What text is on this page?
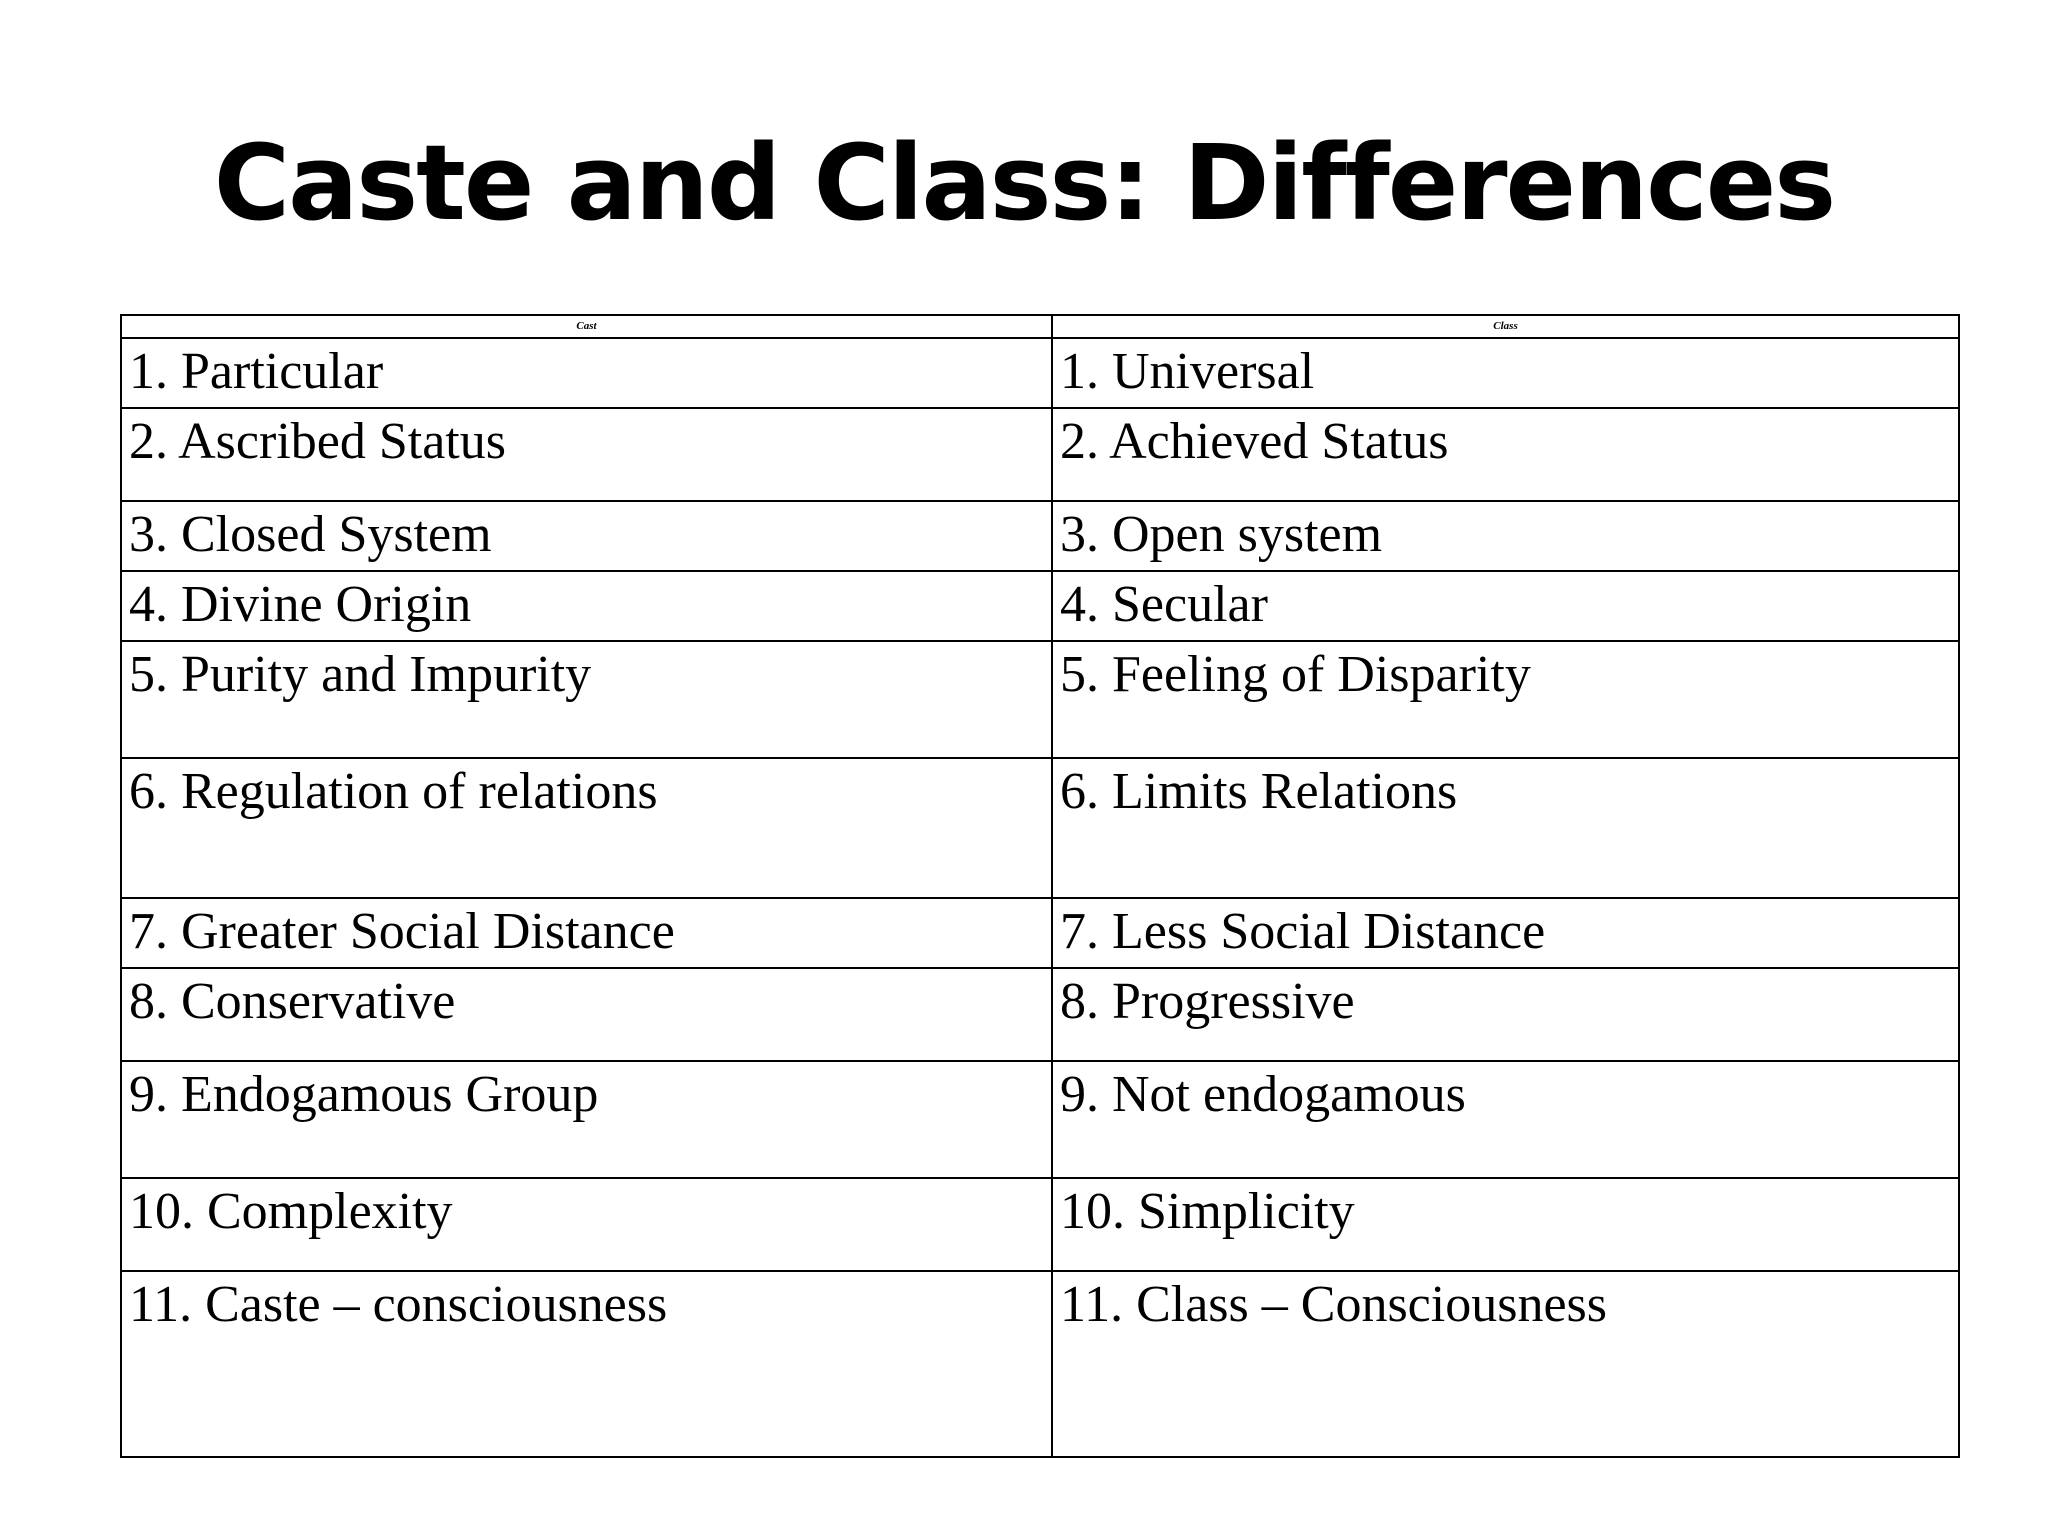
Caste and Class: Differences
Cast	Class
1. Particular	1. Universal
2. Ascribed Status	2. Achieved Status
3. Closed System	3. Open system
4. Divine Origin	4. Secular
5. Purity and Impurity	5. Feeling of Disparity
6. Regulation of relations	6. Limits Relations
7. Greater Social Distance	7. Less Social Distance
8. Conservative	8. Progressive
9. Endogamous Group	9. Not endogamous
10. Complexity	10. Simplicity
11. Caste – consciousness	11. Class – Consciousness
